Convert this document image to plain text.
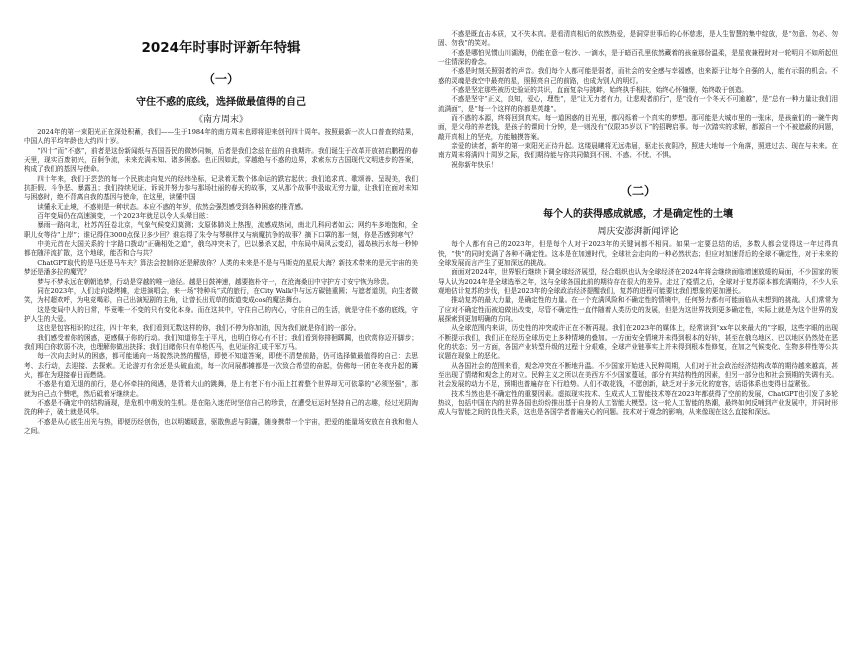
2024年时事时评新年特辑
（一）
守住不惑的底线，选择做最值得的自己
《南方周末》

2024年的第一束阳光正在深处积蓄，我们——生于1984年的南方周末也即将迎来创刊四十周年。按照最新一次人口普查的结果，中国人的平均年龄也大约四十岁。

“四十”而“不惑”，前者是这份新闻纸与吾国吾民的微妙同频，后者是我们念兹在兹的自我期许。我们诞生于改革开放初启鹏程的春天里，现实百废初兴，百舸争流，未来充满未知、诸多困惑。也正因如此，穿越绝与不惑的边界，求索东方古国现代文明进步的答案，构成了我们的基因与使命。

四十年来，我们于芸芸的每一个民族走向复兴的经纬坐标，记录着无数个体命运的跌宕起伏；我们追求真、歌颂善、呈现美，我们抗拒假、斗争恶、暴露丑；我们持续见证、诉说并努力参与那场壮丽的春天的故事，又从那个故事中汲取无穷力量，让我们在面对未知与困惑时，绝不背离自我的基因与使命，在这里，读懂中国

读懂永无止境，不惑则是一种状态。本应不惑的年岁，依然会强烈感受到各种困惑的推背感。

百年变局仍在高速演变，一个2023年就足以令人头晕目眩：

暴雨一路向北，杜苏芮狂卷北京，气象气候变幻莫测；支原体肺炎上热搜，流感成热词，南北几科问者如云；网约车多地饱和，全职儿女等待“上岸”；谁记得住3000点保卫多少回？谁忘得了朱令与琴棋伴又与病魔抗争的故事？摘下口罩的那一刻，你是否感到寒气？

中美元首在大国关系的十字路口拨动“正确相处之道”，俄乌冲突未了，巴以暴杀又起，中东局中局风云变幻，福岛核污水每一秒钟都在随洋流扩散，这个地球，能否和合与共？

ChatGPT取代的是马还是马车夫？算法会控制你还是解放你？人类的未来是不是与马斯克的星辰大海？新技术带来的是元宇宙的美梦还是潘多拉的魔咒？

梦与不梦永远在朝朝追梦，行动是穿越的唯一途径。越是日鼓神速，越要抱朴守一，在沧海桑田中守护方寸安宁恢为珍贵。

同在2023年，人们走向烧烤摊，走进演唱会，来一场“特种兵”式的旅行，在City Walk中与远方碳链重圆；与遮者道别，向生者微笑，为村超欢呼，为电竞喝彩，自己出演短剧的主角，让曾长出荒草的街道变成cos的魔法舞台。

这是变局中人的日常，毕竟唯一不变的只有变化本身。而在这其中，守住自己的内心，守住自己的生活，就是守住不惑的底线，守护人生的大爱。

这也是包容相识的过往，四十年来，我们看到无数这样的你，我们不停为你加油，因为我们就是你们的一部分。

我们感受着你的困惑，更感佩于你的行动。我们知道你生于平凡，也明白你心有不甘；我们看到你排徊踯躅，也欣赏你迈开脚步；我们明白你软弱不决，也理解你做出抉择；我们目睹你只有单枪匹马，也见证你汇成千军万马。

每一次向去时从的困惑，都可能通向一场貌然决然的醒悟，即使不知道答案，即使不清楚前路，仍可选择做最值得的自己：去思考、去行动，去迎接、去探索。无论游刃有余还是头破血流，每一次问展都摊都是一次致合希望的奋起，仿佛每一团在冬夜升起的篝火，都在为迎接春日而燃烧。

不惑是有道无退的前行，是心怀牵挂的阅遇，是背着大山的跳舞，是上有老下有小而上扛着整个世界却无可依靠的“必须坚强”，那就为自己点个赞吧，然后砥着牙继续走。

不惑是不确定中的结构涌现，是危机中萌发的生机。是在陷入迷茫时坚信自己的珍贵，在遭受厄运时坚持自己的志趣，经过光阴淘洗的种子，破土就是风华。

不惑是从心底生出光与热，即便历经创伤，也以明媚暖意，驱散焦虑与阴霾，随身携带一个宇宙，把爱的能量场安放在自我和他人之间。

不惑是既直击本质，又不失本真。是看清真相后的依然热爱，是洞穿世事后的心怀慈悲，是人生智慧的集中绽放，是“勿意、勿必、勿固、勿我”的笑对。

不惑是哪怕见惯山川湖海，仍能在意一粒沙、一滴水，是于暗百孔里依然藏着的孩童那份温柔，是星夜兼程时对一轮明月不如所起但一往情深的眷念。

不惑是时刻关照弱者的声音。我们每个人都可能是弱者，而社会的安全感与幸福感，也来源于让每个自强的人，能有示弱的机会。不惑的灵魂是我空中最亮的星，照照亮自己的前路，也成为别人的明灯。

不惑是坚定那些被历史验证的共识，直面复杂与挑衅，始终执手相扶，始终心怀憧憬，始终敢于创造。

不惑是坚守“正义，良知，爱心，理性”，是“让无力者有力，让悲观者前行”，是“没有一个冬天不可逾越”，是“总有一种力量让我们泪流满面”，是“每一个这样的你都是英雄”。

而不惑的本源，终将回到真实。每一道困惑的目光里，都闪烁着一个真实的梦想。那可能是大城市里的一张床，是孩童们的一碗牛肉面，是父母的养老钱，是孩子的课间十分钟，是一则没有“仅限35岁以下”的招聘启事。每一次踏实的求解，都源自一个不被遮蔽的问题，敲开真相上的坚壳，方能触摸答案。

亲爱的读者，新年的第一束阳光正待升起。这缕晨曦将无远弗届，驱走长夜阴冷，照进大地每一个角落，照进过去、现在与未来。在南方周末将满四十周岁之际，我们期待能与你共同做到不困、不惑、不忧、不惧。

祝你新年快乐！

（二）
每个人的获得感成就感，才是确定性的土壤
周庆安澎湃新闻评论

每个人都有自己的2023年，但是每个人对于2023年的关键词都不相同。如果一定要总结的话，多数人都会觉得这一年过得真快，“快”的同时充满了各种不确定性。这本是在加速时代，全球社会走向的一种必然状态；但应对加速背后的全球不确定性，对于未来的全球发展而言产生了更加深远的挑战。

面面对2024年，世界银行继续下调全球经济展望，经合组织也认为全球经济在2024年将会继续面临增速放缓的局面，不少国家的领导人认为2024年是全球选举之年，这与全球各国此前的期待存在很大的差异。走过了疫情之后，全球对于复苏原本都充满期待，不少人乐观地估计复苏的步伐，但是2023年的全球政治经济提醒我们，复苏的进程可能要比我们想象的更加漫长。

推动复苏的最大力量，是确定性的力量。在一个充满风险和不确定性的情境中，任何努力都有可能面临从未想到的挑战。人们常常为了应对不确定性而被迫做出改变，尽管不确定性一直伴随着人类历史的发展，但是为这世界找到更多确定性，实际上就是为这个世界的发展探索到更加明确的方向。

从全球范围内来讲，历史性的冲突或许正在不断再现。我们在2023年的媒体上，经常读到“xx年以来最大的”字眼，这些字眼的出现不断提示我们，我们正在经历全球历史上多种情境的叠加。一方面安全情境并未得到根本的好转，甚至在俄乌地区、巴以地区仍然处在恶化的状态；另一方面，各国产业转型升级的过程十分艰难，全球产业链事实上并未得到根本性修复，在加之气候变化、生物多样性等公共议题在现象上的恶化。

从各国社会的范围来看，观念冲突在不断地升温。不少国家开始进入民粹周期，人们对于社会政治经济结构改革的期待越来越高，甚至出现了情绪和观念上的对立。民粹主义之所以在美西方不少国家蔓延，部分有其结构性的因素，但另一部分也和社会预期的失调有关。社会发展的动力不足，预期也普遍存在下行趋势。人们不敢花钱，不愿创新，缺乏对于多元化的宽容，话语体系也变得日益紧张。

技术当然也是不确定性的重要因素。虚拟现实技术、生成式人工智能技术等在2023年都获得了空前的发展，ChatGPT也引发了多轮热议，包括中国在内的世界各国也纷纷推出基于自身的人工智能大模型。这一轮人工智能的热潮，最终如何反哺到产业发展中，并同时形成人与智能之间的良性关系，这也是各国学者普遍关心的问题。技术对于观念的影响，从来像现在这么直接和深远。
